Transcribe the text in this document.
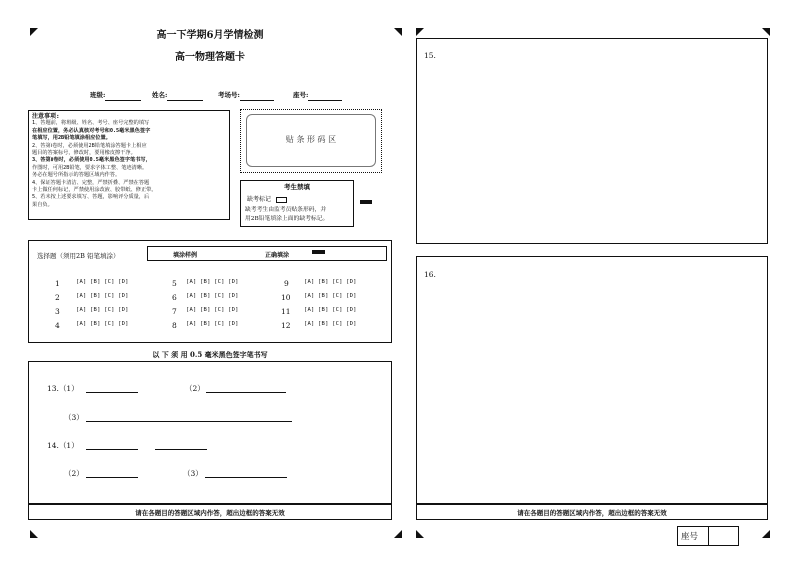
高一下学期6月学情检测
高一物理答题卡
班级:	姓名:	考场号:	座号:
注意事项:
1、答题前，将班级、姓名、考号、座号完整的填写
在相应位置，务必认真核对考号和0.5毫米黑色签字
笔填写，用2B铅笔填涂相应位置。
2、答第Ⅰ卷时，必须使用2B铅笔填涂答题卡上相应
题目的答案标号，修改时，要用橡皮擦干净。
3、答第Ⅱ卷时，必须使用0.5毫米黑色签字笔书写，
作图时，可用2B铅笔，要求字体工整、笔迹清晰。
务必在题号所指示的答题区域内作答。
4、保证答题卡清洁、完整，严禁折叠、严禁在答题
卡上做任何标记，严禁使用涂改液、胶带纸、修正带。
5、若未按上述要求填写、答题，影响评分质量，后
果自负。
贴 条 形 码 区
考生禁填
缺考标记
缺考考生由监考员贴条形码，并
用2B铅笔填涂上面的缺考标记。
选择题（须用2B 铅笔填涂）	填涂样例	正确填涂
1	[A] [B] [C] [D]
2	[A] [B] [C] [D]
3	[A] [B] [C] [D]
4	[A] [B] [C] [D]
5 [A] [B] [C] [D]
6 [A] [B] [C] [D]
7 [A] [B] [C] [D]
8 [A] [B] [C] [D]
9	[A] [B] [C] [D]
10 [A] [B] [C] [D]
11 [A] [B] [C] [D]
12 [A] [B] [C] [D]
以 下 须 用 0.5 毫米黑色签字笔书写
13.（1）	（2）
（3）
14.（1）
（2）	（3）
请在各题目的答题区域内作答，超出边框的答案无效
15.
16.
请在各题目的答题区域内作答，超出边框的答案无效
座号
